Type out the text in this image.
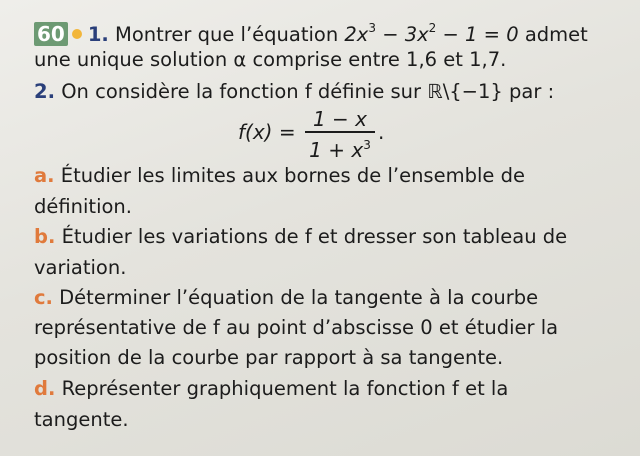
60 1. Montrer que l’équation $2x^3 - 3x^2 - 1 = 0$ admet
une unique solution α comprise entre 1,6 et 1,7.
2. On considère la fonction f définie sur ℝ\{−1} par :
f(x) =
1 − x
$1 + x^3$
.
a. Étudier les limites aux bornes de l’ensemble de
définition.
b. Étudier les variations de f et dresser son tableau de
variation.
c. Déterminer l’équation de la tangente à la courbe
représentative de f au point d’abscisse 0 et étudier la
position de la courbe par rapport à sa tangente.
d. Représenter graphiquement la fonction f et la
tangente.
